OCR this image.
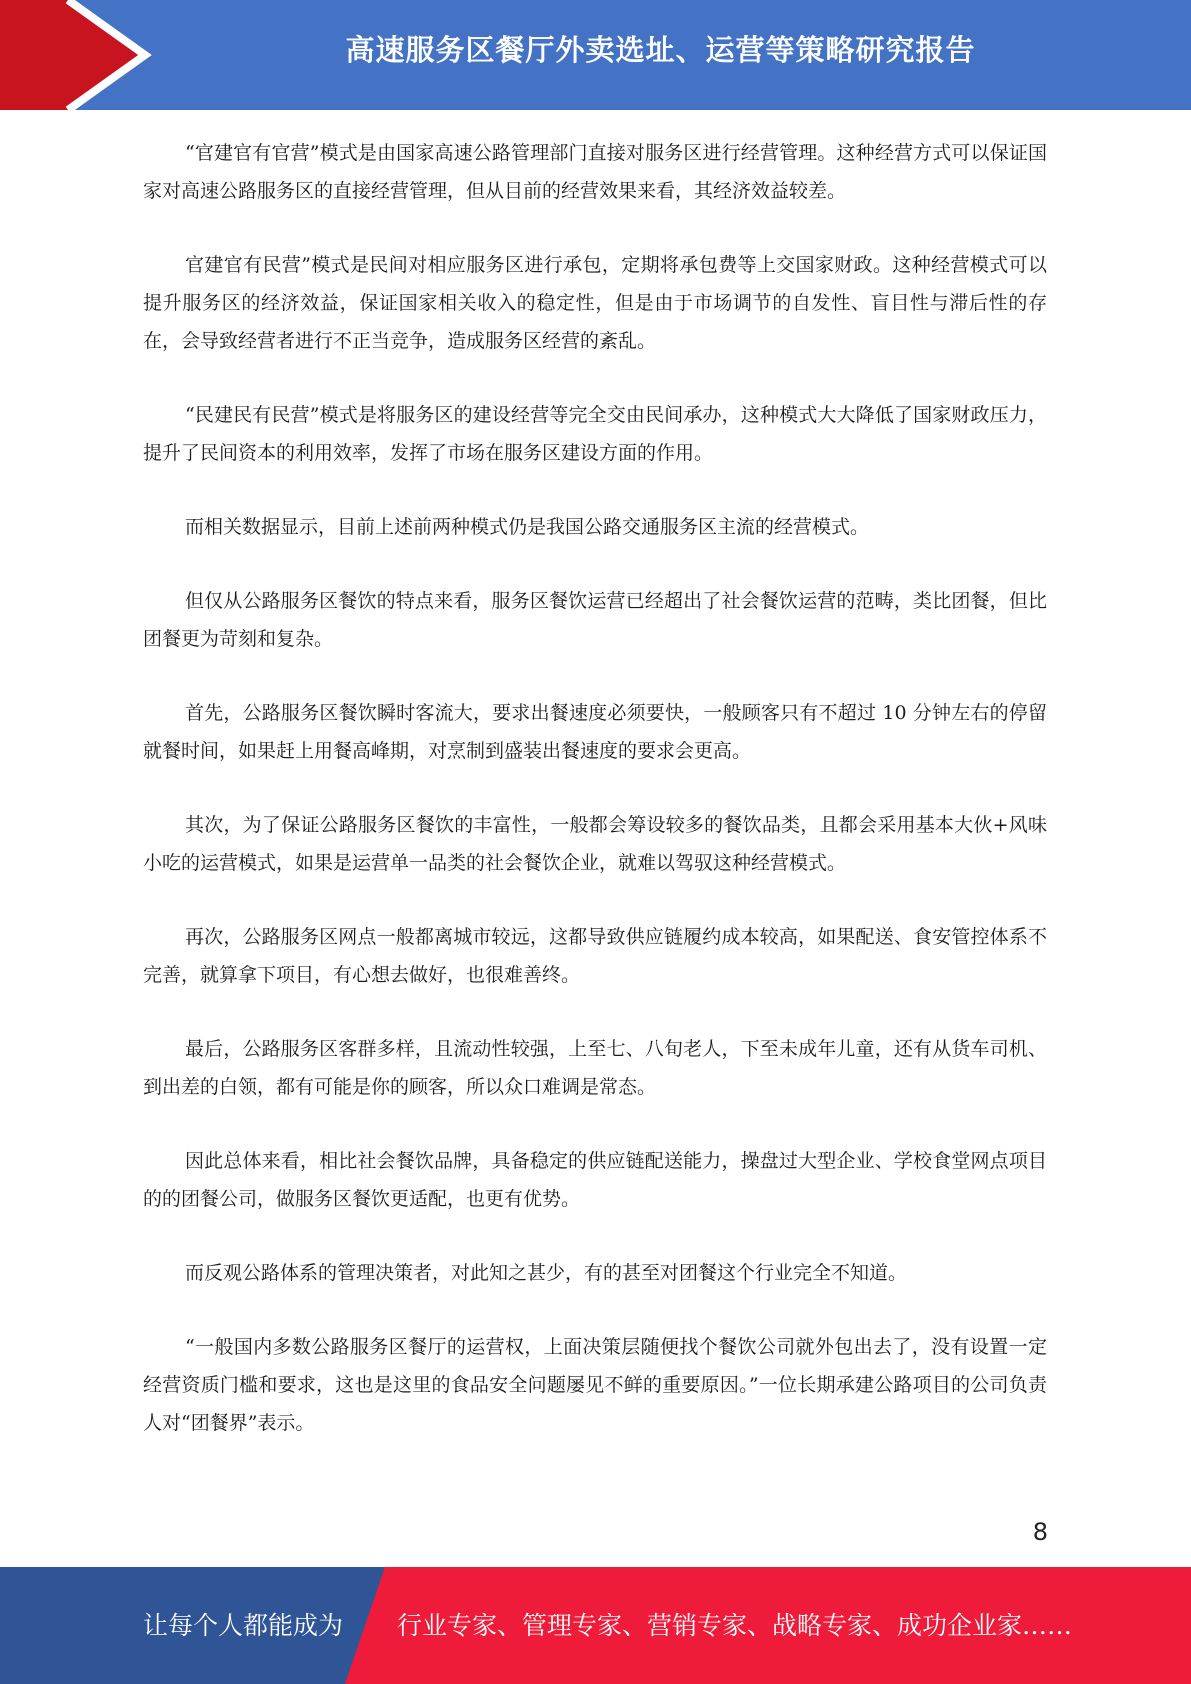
高速服务区餐厅外卖选址、运营等策略研究报告

“官建官有官营”模式是由国家高速公路管理部门直接对服务区进行经营管理。这种经营方式可以保证国家对高速公路服务区的直接经营管理，但从目前的经营效果来看，其经济效益较差。

官建官有民营”模式是民间对相应服务区进行承包，定期将承包费等上交国家财政。这种经营模式可以提升服务区的经济效益，保证国家相关收入的稳定性，但是由于市场调节的自发性、盲目性与滞后性的存在，会导致经营者进行不正当竞争，造成服务区经营的紊乱。

“民建民有民营”模式是将服务区的建设经营等完全交由民间承办，这种模式大大降低了国家财政压力，提升了民间资本的利用效率，发挥了市场在服务区建设方面的作用。

而相关数据显示，目前上述前两种模式仍是我国公路交通服务区主流的经营模式。

但仅从公路服务区餐饮的特点来看，服务区餐饮运营已经超出了社会餐饮运营的范畴，类比团餐，但比团餐更为苛刻和复杂。

首先，公路服务区餐饮瞬时客流大，要求出餐速度必须要快，一般顾客只有不超过 10 分钟左右的停留就餐时间，如果赶上用餐高峰期，对烹制到盛装出餐速度的要求会更高。

其次，为了保证公路服务区餐饮的丰富性，一般都会筹设较多的餐饮品类，且都会采用基本大伙+风味小吃的运营模式，如果是运营单一品类的社会餐饮企业，就难以驾驭这种经营模式。

再次，公路服务区网点一般都离城市较远，这都导致供应链履约成本较高，如果配送、食安管控体系不完善，就算拿下项目，有心想去做好，也很难善终。

最后，公路服务区客群多样，且流动性较强，上至七、八旬老人，下至未成年儿童，还有从货车司机、到出差的白领，都有可能是你的顾客，所以众口难调是常态。

因此总体来看，相比社会餐饮品牌，具备稳定的供应链配送能力，操盘过大型企业、学校食堂网点项目的的团餐公司，做服务区餐饮更适配，也更有优势。

而反观公路体系的管理决策者，对此知之甚少，有的甚至对团餐这个行业完全不知道。

“一般国内多数公路服务区餐厅的运营权，上面决策层随便找个餐饮公司就外包出去了，没有设置一定经营资质门槛和要求，这也是这里的食品安全问题屡见不鲜的重要原因。”一位长期承建公路项目的公司负责人对“团餐界”表示。

8
让每个人都能成为 行业专家、管理专家、营销专家、战略专家、成功企业家……
